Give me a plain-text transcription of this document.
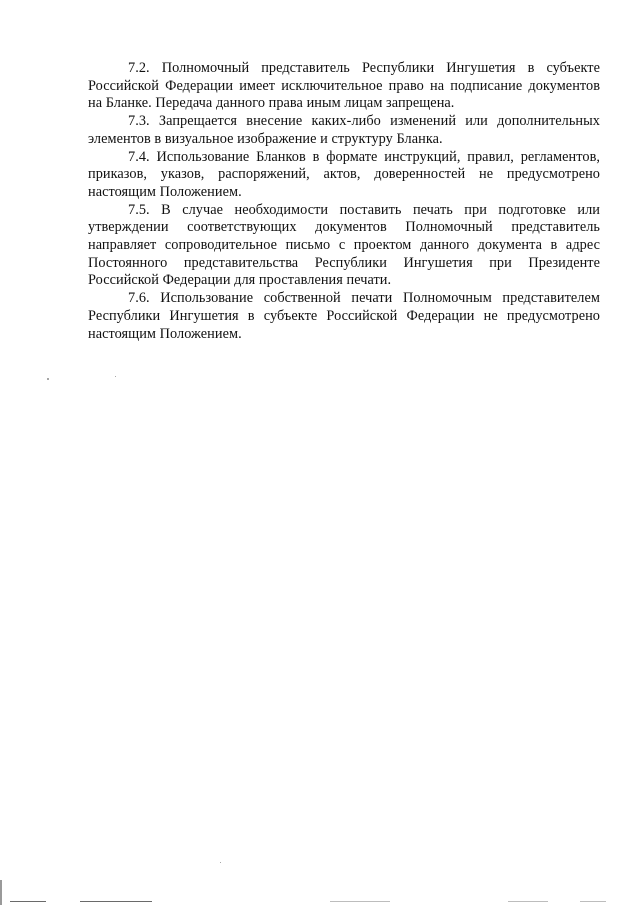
7.2. Полномочный представитель Республики Ингушетия в субъекте Российской Федерации имеет исключительное право на подписание документов на Бланке. Передача данного права иным лицам запрещена.

7.3. Запрещается внесение каких-либо изменений или дополнительных элементов в визуальное изображение и структуру Бланка.

7.4. Использование Бланков в формате инструкций, правил, регламентов, приказов, указов, распоряжений, актов, доверенностей не предусмотрено настоящим Положением.

7.5. В случае необходимости поставить печать при подготовке или утверждении соответствующих документов Полномочный представитель направляет сопроводительное письмо с проектом данного документа в адрес Постоянного представительства Республики Ингушетия при Президенте Российской Федерации для проставления печати.

7.6. Использование собственной печати Полномочным представителем Республики Ингушетия в субъекте Российской Федерации не предусмотрено настоящим Положением.
